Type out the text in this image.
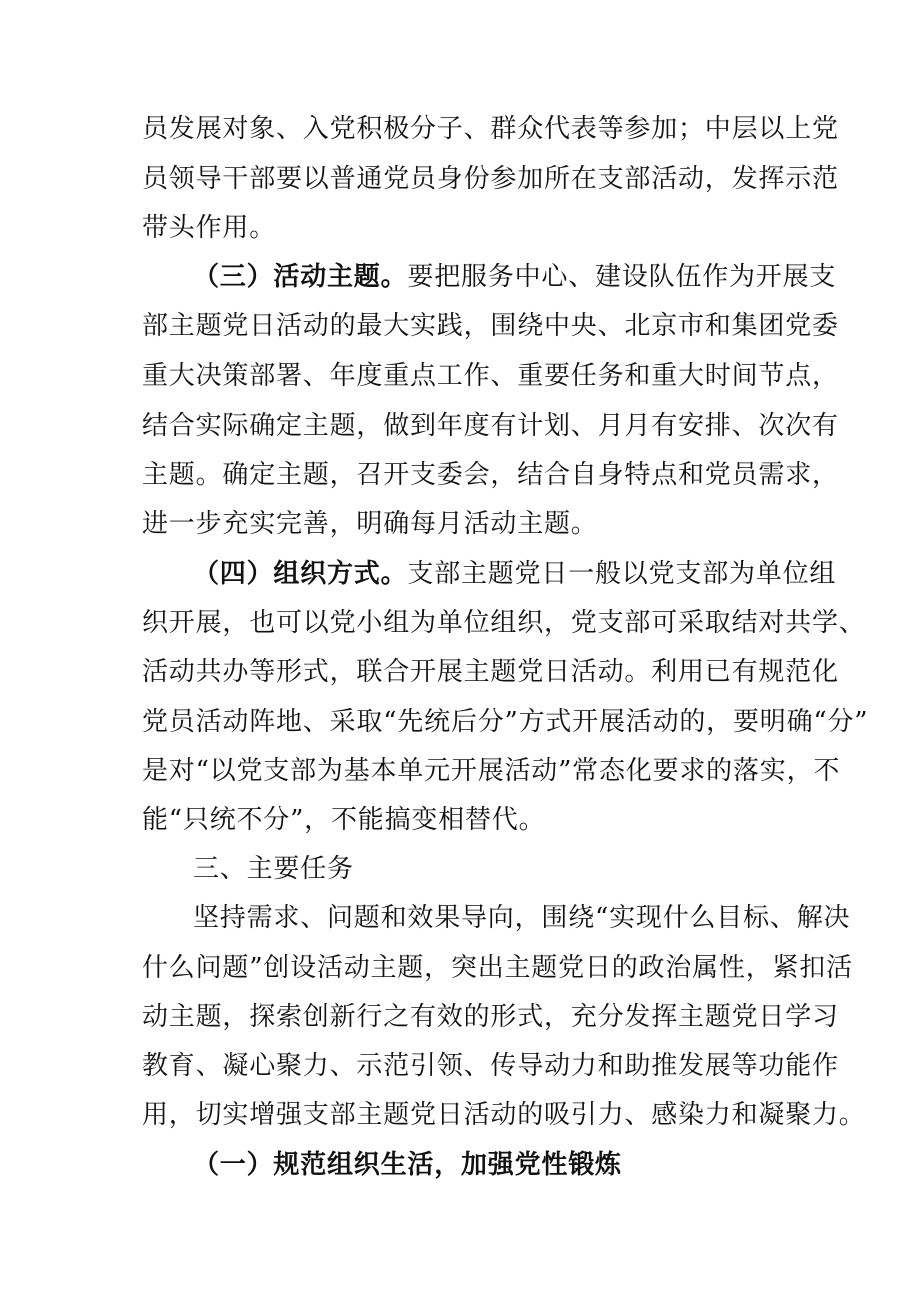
员发展对象、入党积极分子、群众代表等参加；中层以上党
员领导干部要以普通党员身份参加所在支部活动，发挥示范
带头作用。
（三）活动主题。要把服务中心、建设队伍作为开展支
部主题党日活动的最大实践，围绕中央、北京市和集团党委
重大决策部署、年度重点工作、重要任务和重大时间节点，
结合实际确定主题，做到年度有计划、月月有安排、次次有
主题。确定主题，召开支委会，结合自身特点和党员需求，
进一步充实完善，明确每月活动主题。
（四）组织方式。支部主题党日一般以党支部为单位组
织开展，也可以党小组为单位组织，党支部可采取结对共学、
活动共办等形式，联合开展主题党日活动。利用已有规范化
党员活动阵地、采取“先统后分”方式开展活动的，要明确“分”
是对“以党支部为基本单元开展活动”常态化要求的落实，不
能“只统不分”，不能搞变相替代。
三、主要任务
坚持需求、问题和效果导向，围绕“实现什么目标、解决
什么问题”创设活动主题，突出主题党日的政治属性，紧扣活
动主题，探索创新行之有效的形式，充分发挥主题党日学习
教育、凝心聚力、示范引领、传导动力和助推发展等功能作
用，切实增强支部主题党日活动的吸引力、感染力和凝聚力。
（一）规范组织生活，加强党性锻炼
